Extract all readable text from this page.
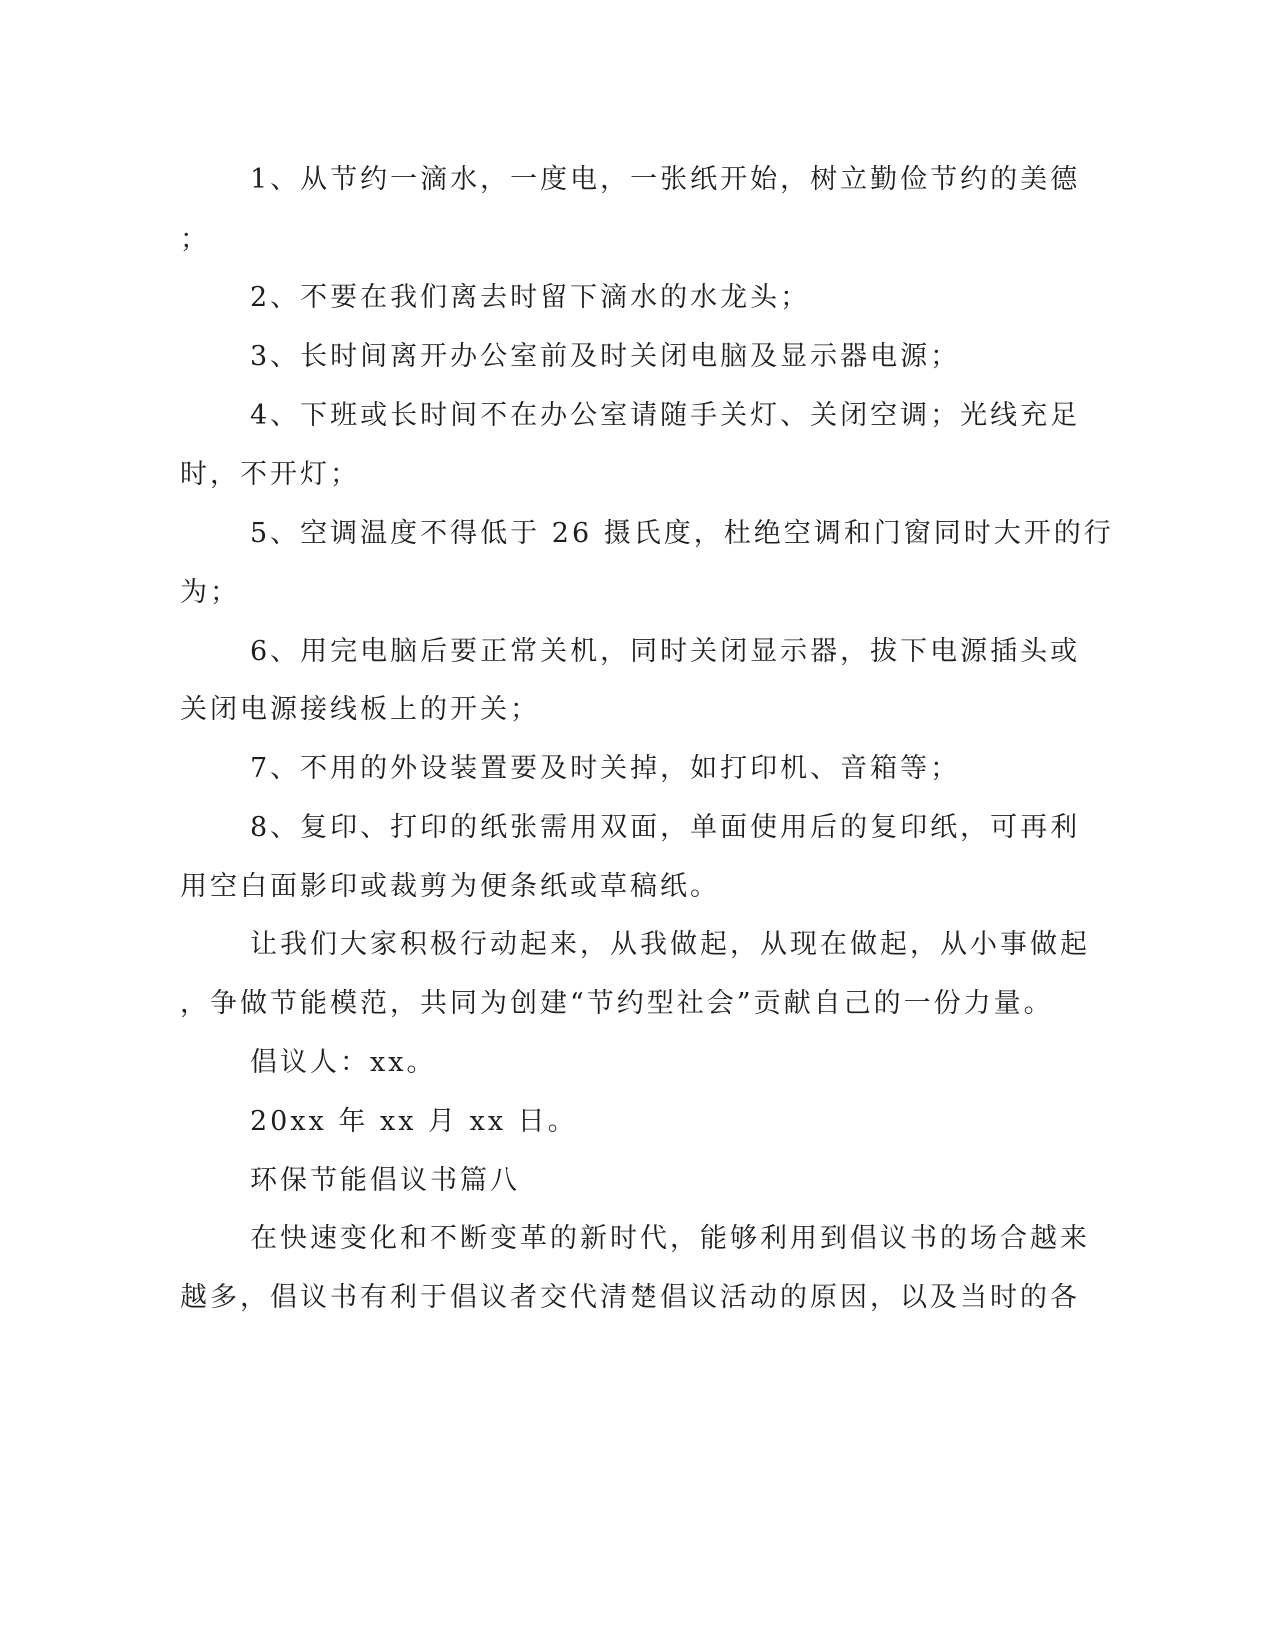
1、从节约一滴水，一度电，一张纸开始，树立勤俭节约的美德
；
2、不要在我们离去时留下滴水的水龙头；
3、长时间离开办公室前及时关闭电脑及显示器电源；
4、下班或长时间不在办公室请随手关灯、关闭空调；光线充足
时，不开灯；
5、空调温度不得低于 26 摄氏度，杜绝空调和门窗同时大开的行
为；
6、用完电脑后要正常关机，同时关闭显示器，拔下电源插头或
关闭电源接线板上的开关；
7、不用的外设装置要及时关掉，如打印机、音箱等；
8、复印、打印的纸张需用双面，单面使用后的复印纸，可再利
用空白面影印或裁剪为便条纸或草稿纸。
让我们大家积极行动起来，从我做起，从现在做起，从小事做起
，争做节能模范，共同为创建“节约型社会”贡献自己的一份力量。
倡议人：xx。
20xx 年 xx 月 xx 日。
环保节能倡议书篇八
在快速变化和不断变革的新时代，能够利用到倡议书的场合越来
越多，倡议书有利于倡议者交代清楚倡议活动的原因，以及当时的各
